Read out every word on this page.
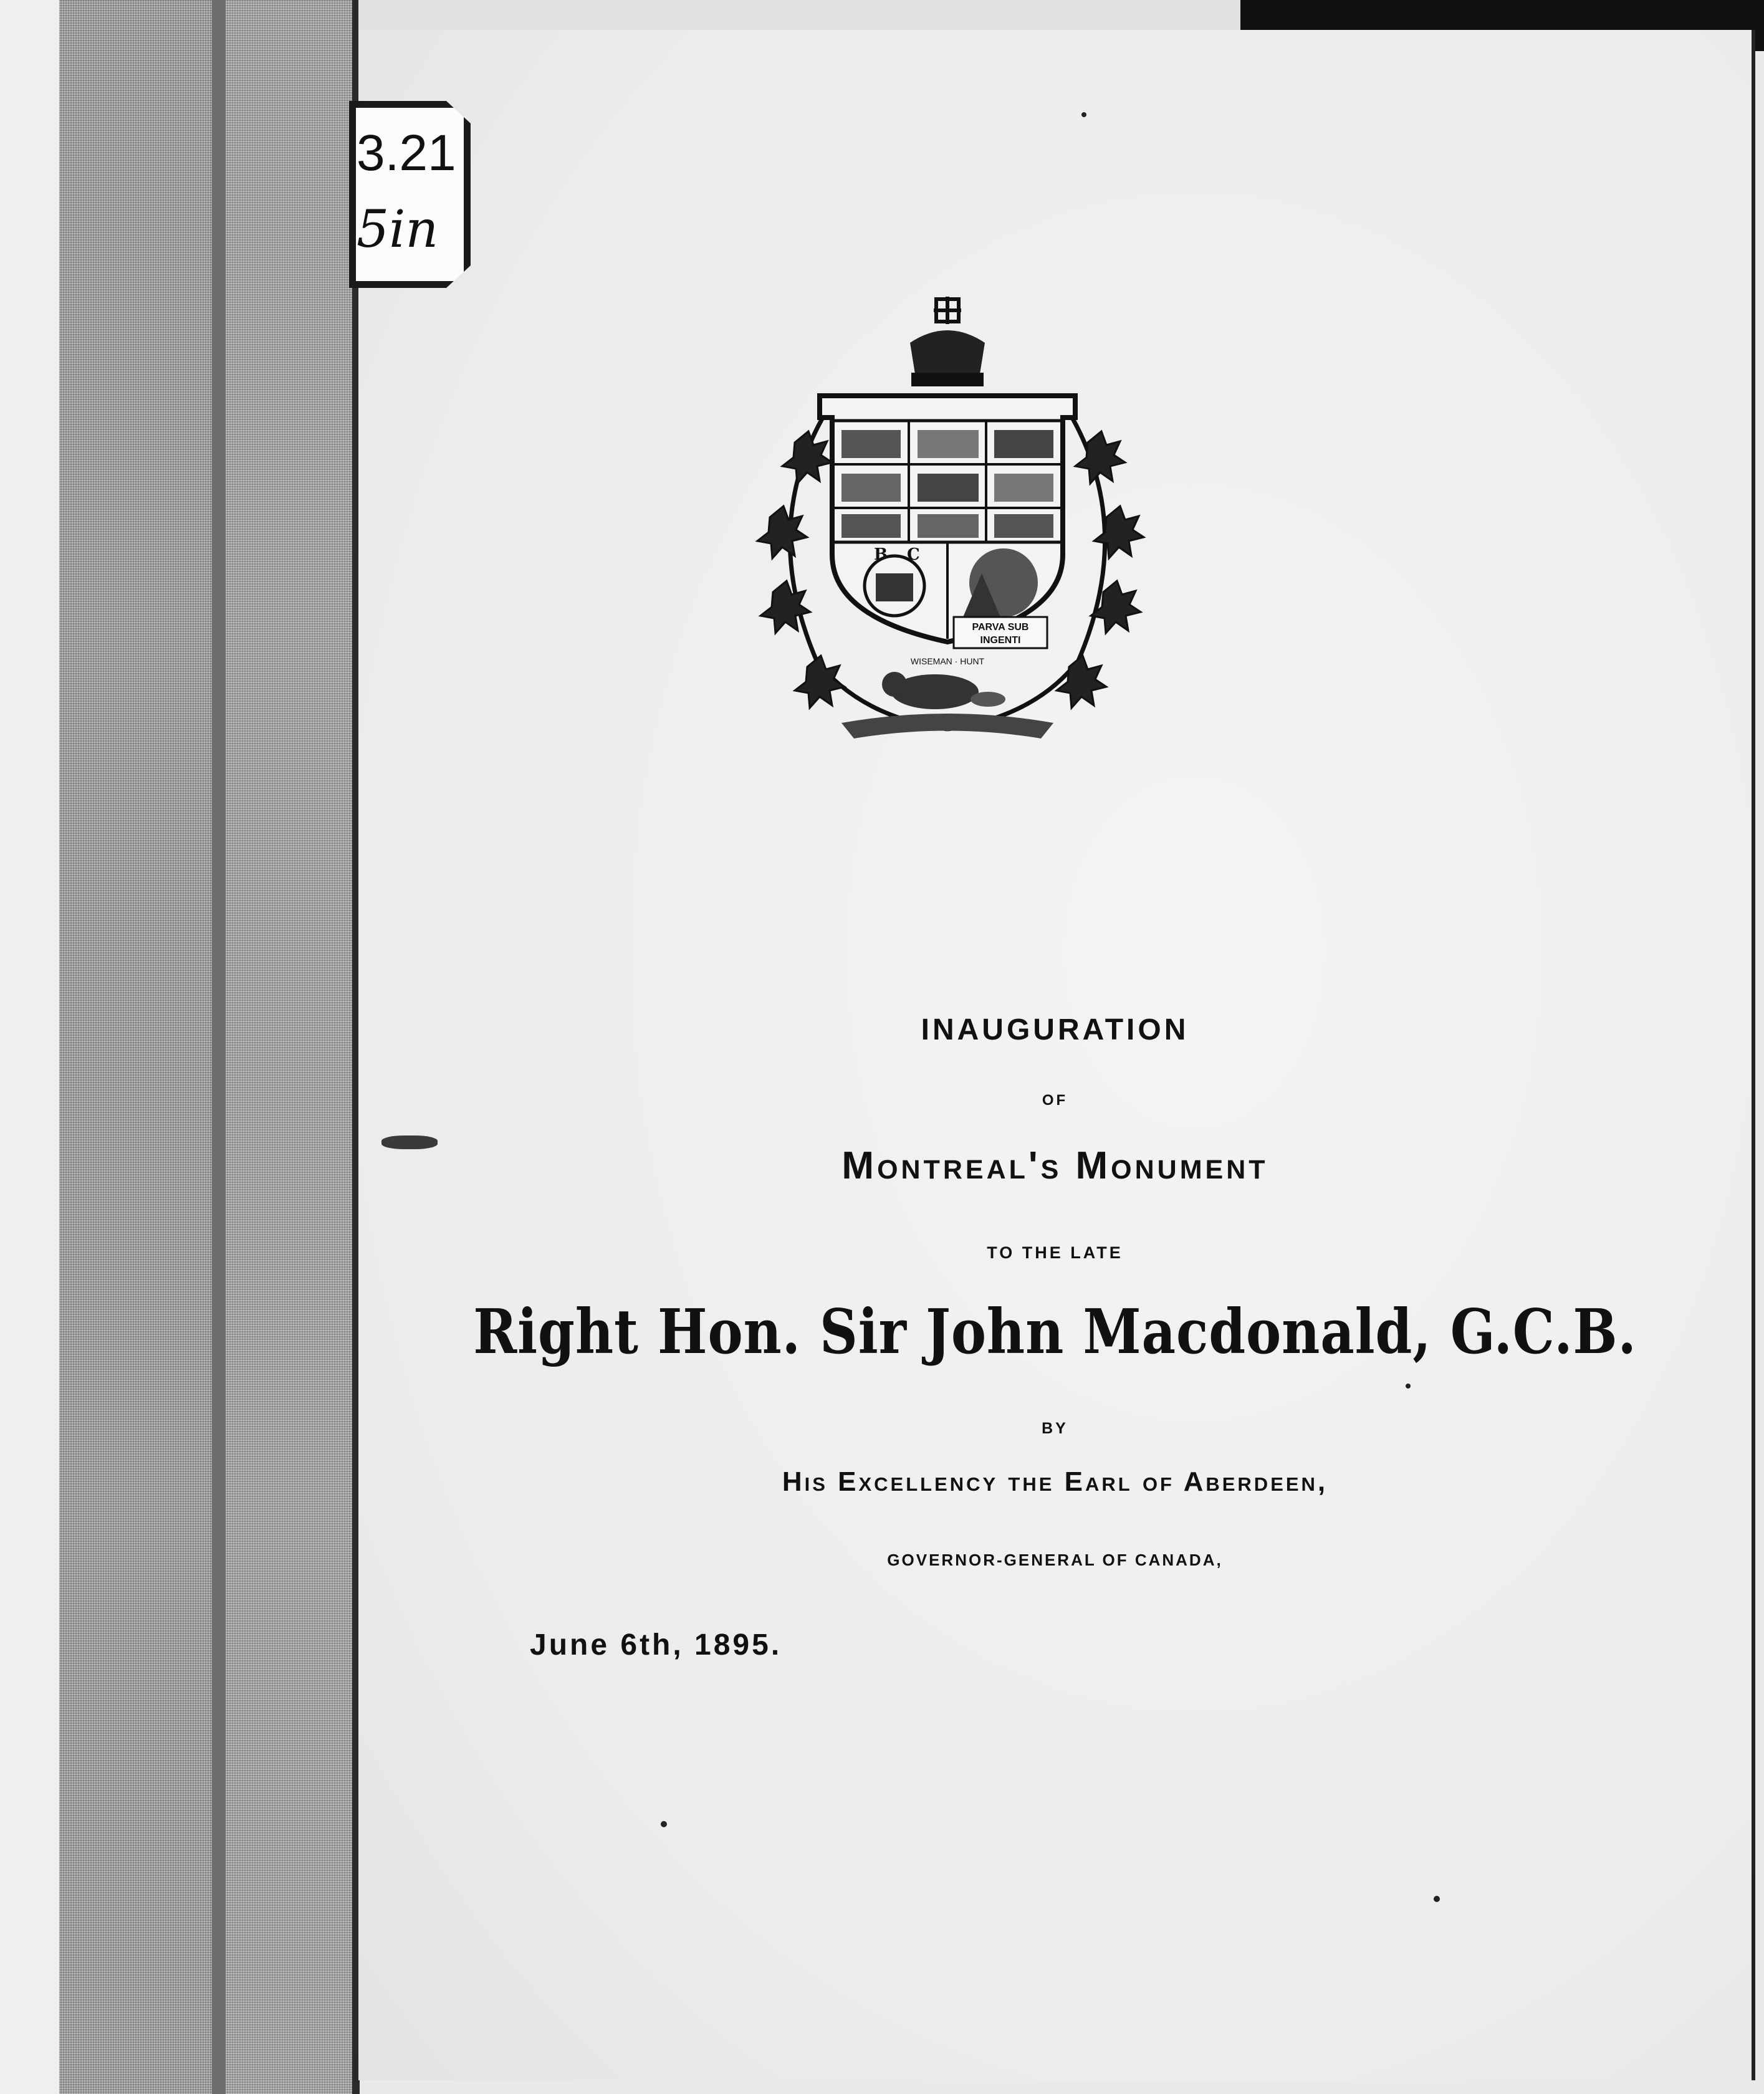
3.21
5in
B C
PARVA SUB
INGENTI
WISEMAN · HUNT
INAUGURATION
OF
Montreal's Monument
TO THE LATE
Right Hon. Sir John Macdonald, G.C.B.
BY
His Excellency the Earl of Aberdeen,
GOVERNOR-GENERAL OF CANADA,
June 6th, 1895.
